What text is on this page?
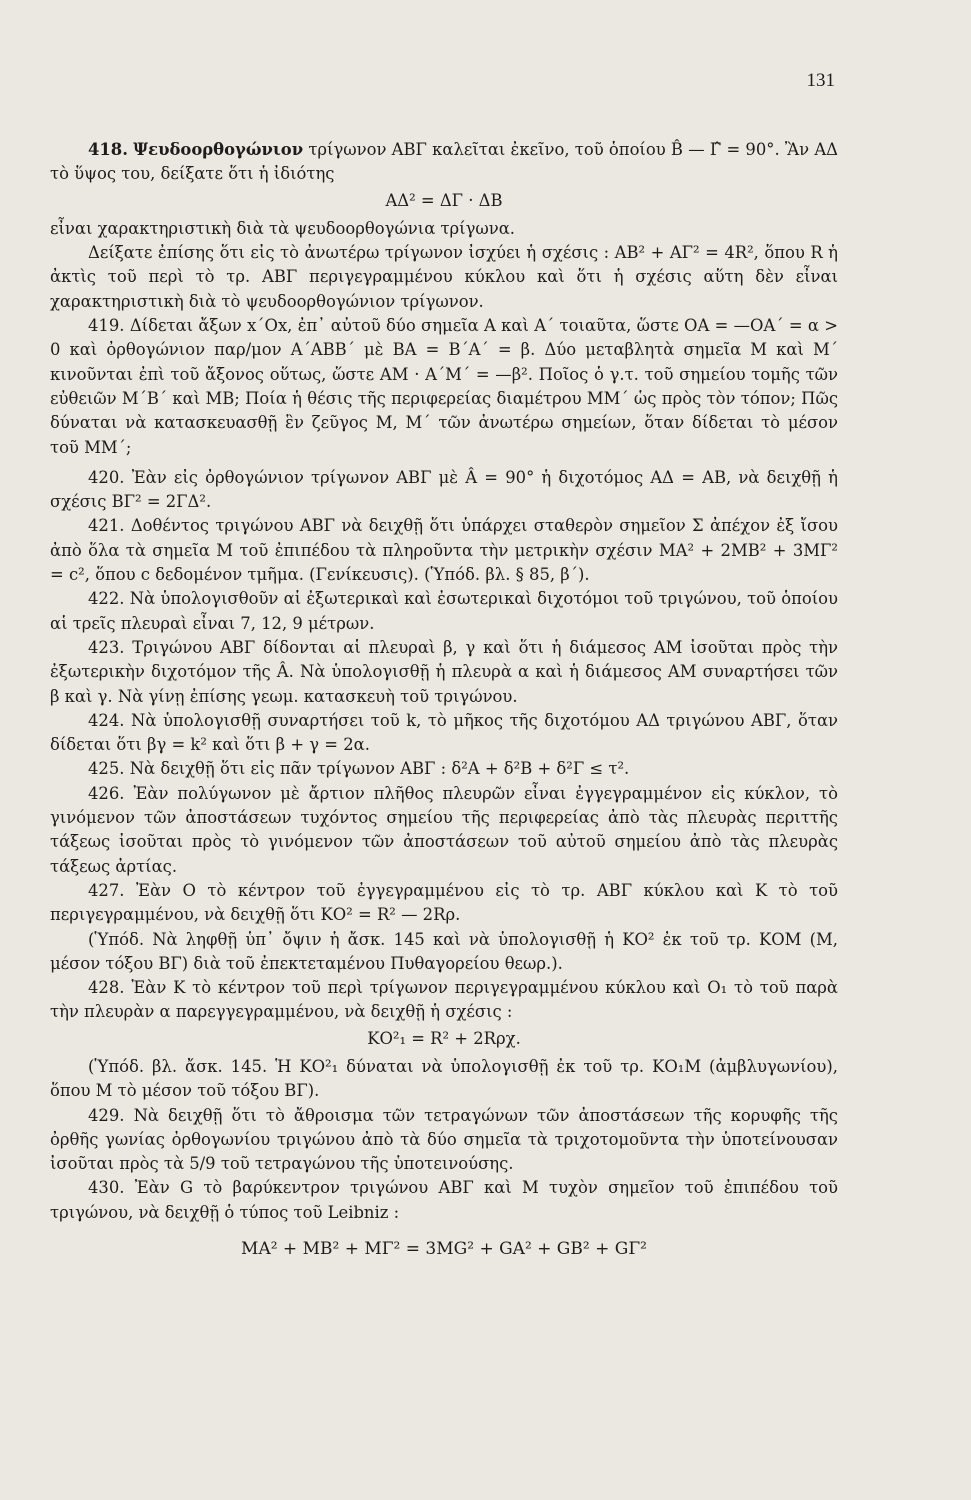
131

418. Ψευδοορθογώνιον τρίγωνον ΑΒΓ καλεῖται ἐκεῖνο, τοῦ ὁποίου B̂ — Γ̂ = 90°. Ἂν ΑΔ τὸ ὕψος του, δείξατε ὅτι ἡ ἰδιότης

ΑΔ² = ΔΓ · ΔΒ

εἶναι χαρακτηριστικὴ διὰ τὰ ψευδοορθογώνια τρίγωνα.

Δείξατε ἐπίσης ὅτι εἰς τὸ ἀνωτέρω τρίγωνον ἰσχύει ἡ σχέσις : ΑΒ² + ΑΓ² = 4R², ὅπου R ἡ ἀκτὶς τοῦ περὶ τὸ τρ. ΑΒΓ περιγεγραμμένου κύκλου καὶ ὅτι ἡ σχέσις αὕτη δὲν εἶναι χαρακτηριστικὴ διὰ τὸ ψευδοορθογώνιον τρίγωνον.

419. Δίδεται ἄξων x΄Ox, ἐπ᾽ αὐτοῦ δύο σημεῖα Α καὶ Α΄ τοιαῦτα, ὥστε OA = —OA΄ = α > 0 καὶ ὀρθογώνιον παρ/μον Α΄ΑΒΒ΄ μὲ ΒΑ = Β΄Α΄ = β. Δύο μεταβλητὰ σημεῖα Μ καὶ Μ΄ κινοῦνται ἐπὶ τοῦ ἄξονος οὕτως, ὥστε ΑΜ · Α΄Μ΄ = —β². Ποῖος ὁ γ.τ. τοῦ σημείου τομῆς τῶν εὐθειῶν Μ΄Β΄ καὶ ΜΒ; Ποία ἡ θέσις τῆς περιφερείας διαμέτρου ΜΜ΄ ὡς πρὸς τὸν τόπον; Πῶς δύναται νὰ κατασκευασθῇ ἓν ζεῦγος Μ, Μ΄ τῶν ἀνωτέρω σημείων, ὅταν δίδεται τὸ μέσον τοῦ ΜΜ΄;

420. Ἐὰν εἰς ὀρθογώνιον τρίγωνον ΑΒΓ μὲ Â = 90° ἡ διχοτόμος ΑΔ = ΑΒ, νὰ δειχθῇ ἡ σχέσις ΒΓ² = 2ΓΔ².

421. Δοθέντος τριγώνου ΑΒΓ νὰ δειχθῇ ὅτι ὑπάρχει σταθερὸν σημεῖον Σ ἀπέχον ἐξ ἴσου ἀπὸ ὅλα τὰ σημεῖα Μ τοῦ ἐπιπέδου τὰ πληροῦντα τὴν μετρικὴν σχέσιν ΜΑ² + 2ΜΒ² + 3ΜΓ² = c², ὅπου c δεδομένον τμῆμα. (Γενίκευσις). (Ὑπόδ. βλ. § 85, β΄).

422. Νὰ ὑπολογισθοῦν αἱ ἐξωτερικαὶ καὶ ἐσωτερικαὶ διχοτόμοι τοῦ τριγώνου, τοῦ ὁποίου αἱ τρεῖς πλευραὶ εἶναι 7, 12, 9 μέτρων.

423. Τριγώνου ΑΒΓ δίδονται αἱ πλευραὶ β, γ καὶ ὅτι ἡ διάμεσος ΑΜ ἰσοῦται πρὸς τὴν ἐξωτερικὴν διχοτόμον τῆς Â. Νὰ ὑπολογισθῇ ἡ πλευρὰ α καὶ ἡ διάμεσος ΑΜ συναρτήσει τῶν β καὶ γ. Νὰ γίνῃ ἐπίσης γεωμ. κατασκευὴ τοῦ τριγώνου.

424. Νὰ ὑπολογισθῇ συναρτήσει τοῦ k, τὸ μῆκος τῆς διχοτόμου ΑΔ τριγώνου ΑΒΓ, ὅταν δίδεται ὅτι βγ = k² καὶ ὅτι β + γ = 2α.

425. Νὰ δειχθῇ ὅτι εἰς πᾶν τρίγωνον ΑΒΓ : δ²Α + δ²Β + δ²Γ ≤ τ².

426. Ἐὰν πολύγωνον μὲ ἄρτιον πλῆθος πλευρῶν εἶναι ἐγγεγραμμένον εἰς κύκλον, τὸ γινόμενον τῶν ἀποστάσεων τυχόντος σημείου τῆς περιφερείας ἀπὸ τὰς πλευρὰς περιττῆς τάξεως ἰσοῦται πρὸς τὸ γινόμενον τῶν ἀποστάσεων τοῦ αὐτοῦ σημείου ἀπὸ τὰς πλευρὰς τάξεως ἀρτίας.

427. Ἐὰν Ο τὸ κέντρον τοῦ ἐγγεγραμμένου εἰς τὸ τρ. ΑΒΓ κύκλου καὶ Κ τὸ τοῦ περιγεγραμμένου, νὰ δειχθῇ ὅτι ΚΟ² = R² — 2Rρ.

(Ὑπόδ. Νὰ ληφθῇ ὑπ᾽ ὄψιν ἡ ἄσκ. 145 καὶ νὰ ὑπολογισθῇ ἡ ΚΟ² ἐκ τοῦ τρ. ΚΟΜ (Μ, μέσον τόξου ΒΓ) διὰ τοῦ ἐπεκτεταμένου Πυθαγορείου θεωρ.).

428. Ἐὰν Κ τὸ κέντρον τοῦ περὶ τρίγωνον περιγεγραμμένου κύκλου καὶ Ο₁ τὸ τοῦ παρὰ τὴν πλευρὰν α παρεγγεγραμμένου, νὰ δειχθῇ ἡ σχέσις :

ΚΟ²₁ = R² + 2Rρχ.

(Ὑπόδ. βλ. ἄσκ. 145. Ἡ ΚΟ²₁ δύναται νὰ ὑπολογισθῇ ἐκ τοῦ τρ. ΚΟ₁Μ (ἀμβλυγωνίου), ὅπου Μ τὸ μέσον τοῦ τόξου ΒΓ).

429. Νὰ δειχθῇ ὅτι τὸ ἄθροισμα τῶν τετραγώνων τῶν ἀποστάσεων τῆς κορυφῆς τῆς ὀρθῆς γωνίας ὀρθογωνίου τριγώνου ἀπὸ τὰ δύο σημεῖα τὰ τριχοτομοῦντα τὴν ὑποτείνουσαν ἰσοῦται πρὸς τὰ 5/9 τοῦ τετραγώνου τῆς ὑποτεινούσης.

430. Ἐὰν G τὸ βαρύκεντρον τριγώνου ΑΒΓ καὶ Μ τυχὸν σημεῖον τοῦ ἐπιπέδου τοῦ τριγώνου, νὰ δειχθῇ ὁ τύπος τοῦ Leibniz :

ΜΑ² + ΜΒ² + ΜΓ² = 3MG² + GA² + GB² + GΓ²
